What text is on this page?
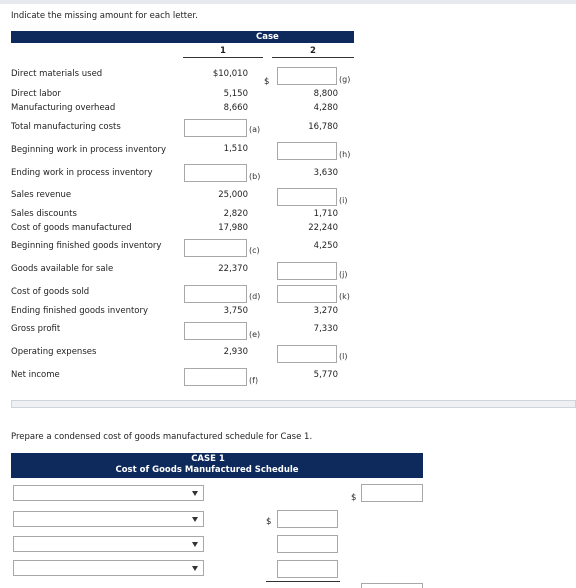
Indicate the missing amount for each letter.
Case
1	2
Direct materials used
Direct labor
Manufacturing overhead
Total manufacturing costs
Beginning work in process inventory
Ending work in process inventory
Sales revenue
Sales discounts
Cost of goods manufactured
Beginning finished goods inventory
Goods available for sale
Cost of goods sold
Ending finished goods inventory
Gross profit
Operating expenses
Net income
$10,010
5,150
8,660
1,510
25,000
2,820
17,980
22,370
3,750
2,930
(a)
(b)
(c)
(d)
(e)
(f)
$
8,800
4,280
16,780
3,630
1,710
22,240
4,250
3,270
7,330
5,770
(g)
(h)
(i)
(j)
(k)
(l)
Prepare a condensed cost of goods manufactured schedule for Case 1.
CASE 1
Cost of Goods Manufactured Schedule
$
$
